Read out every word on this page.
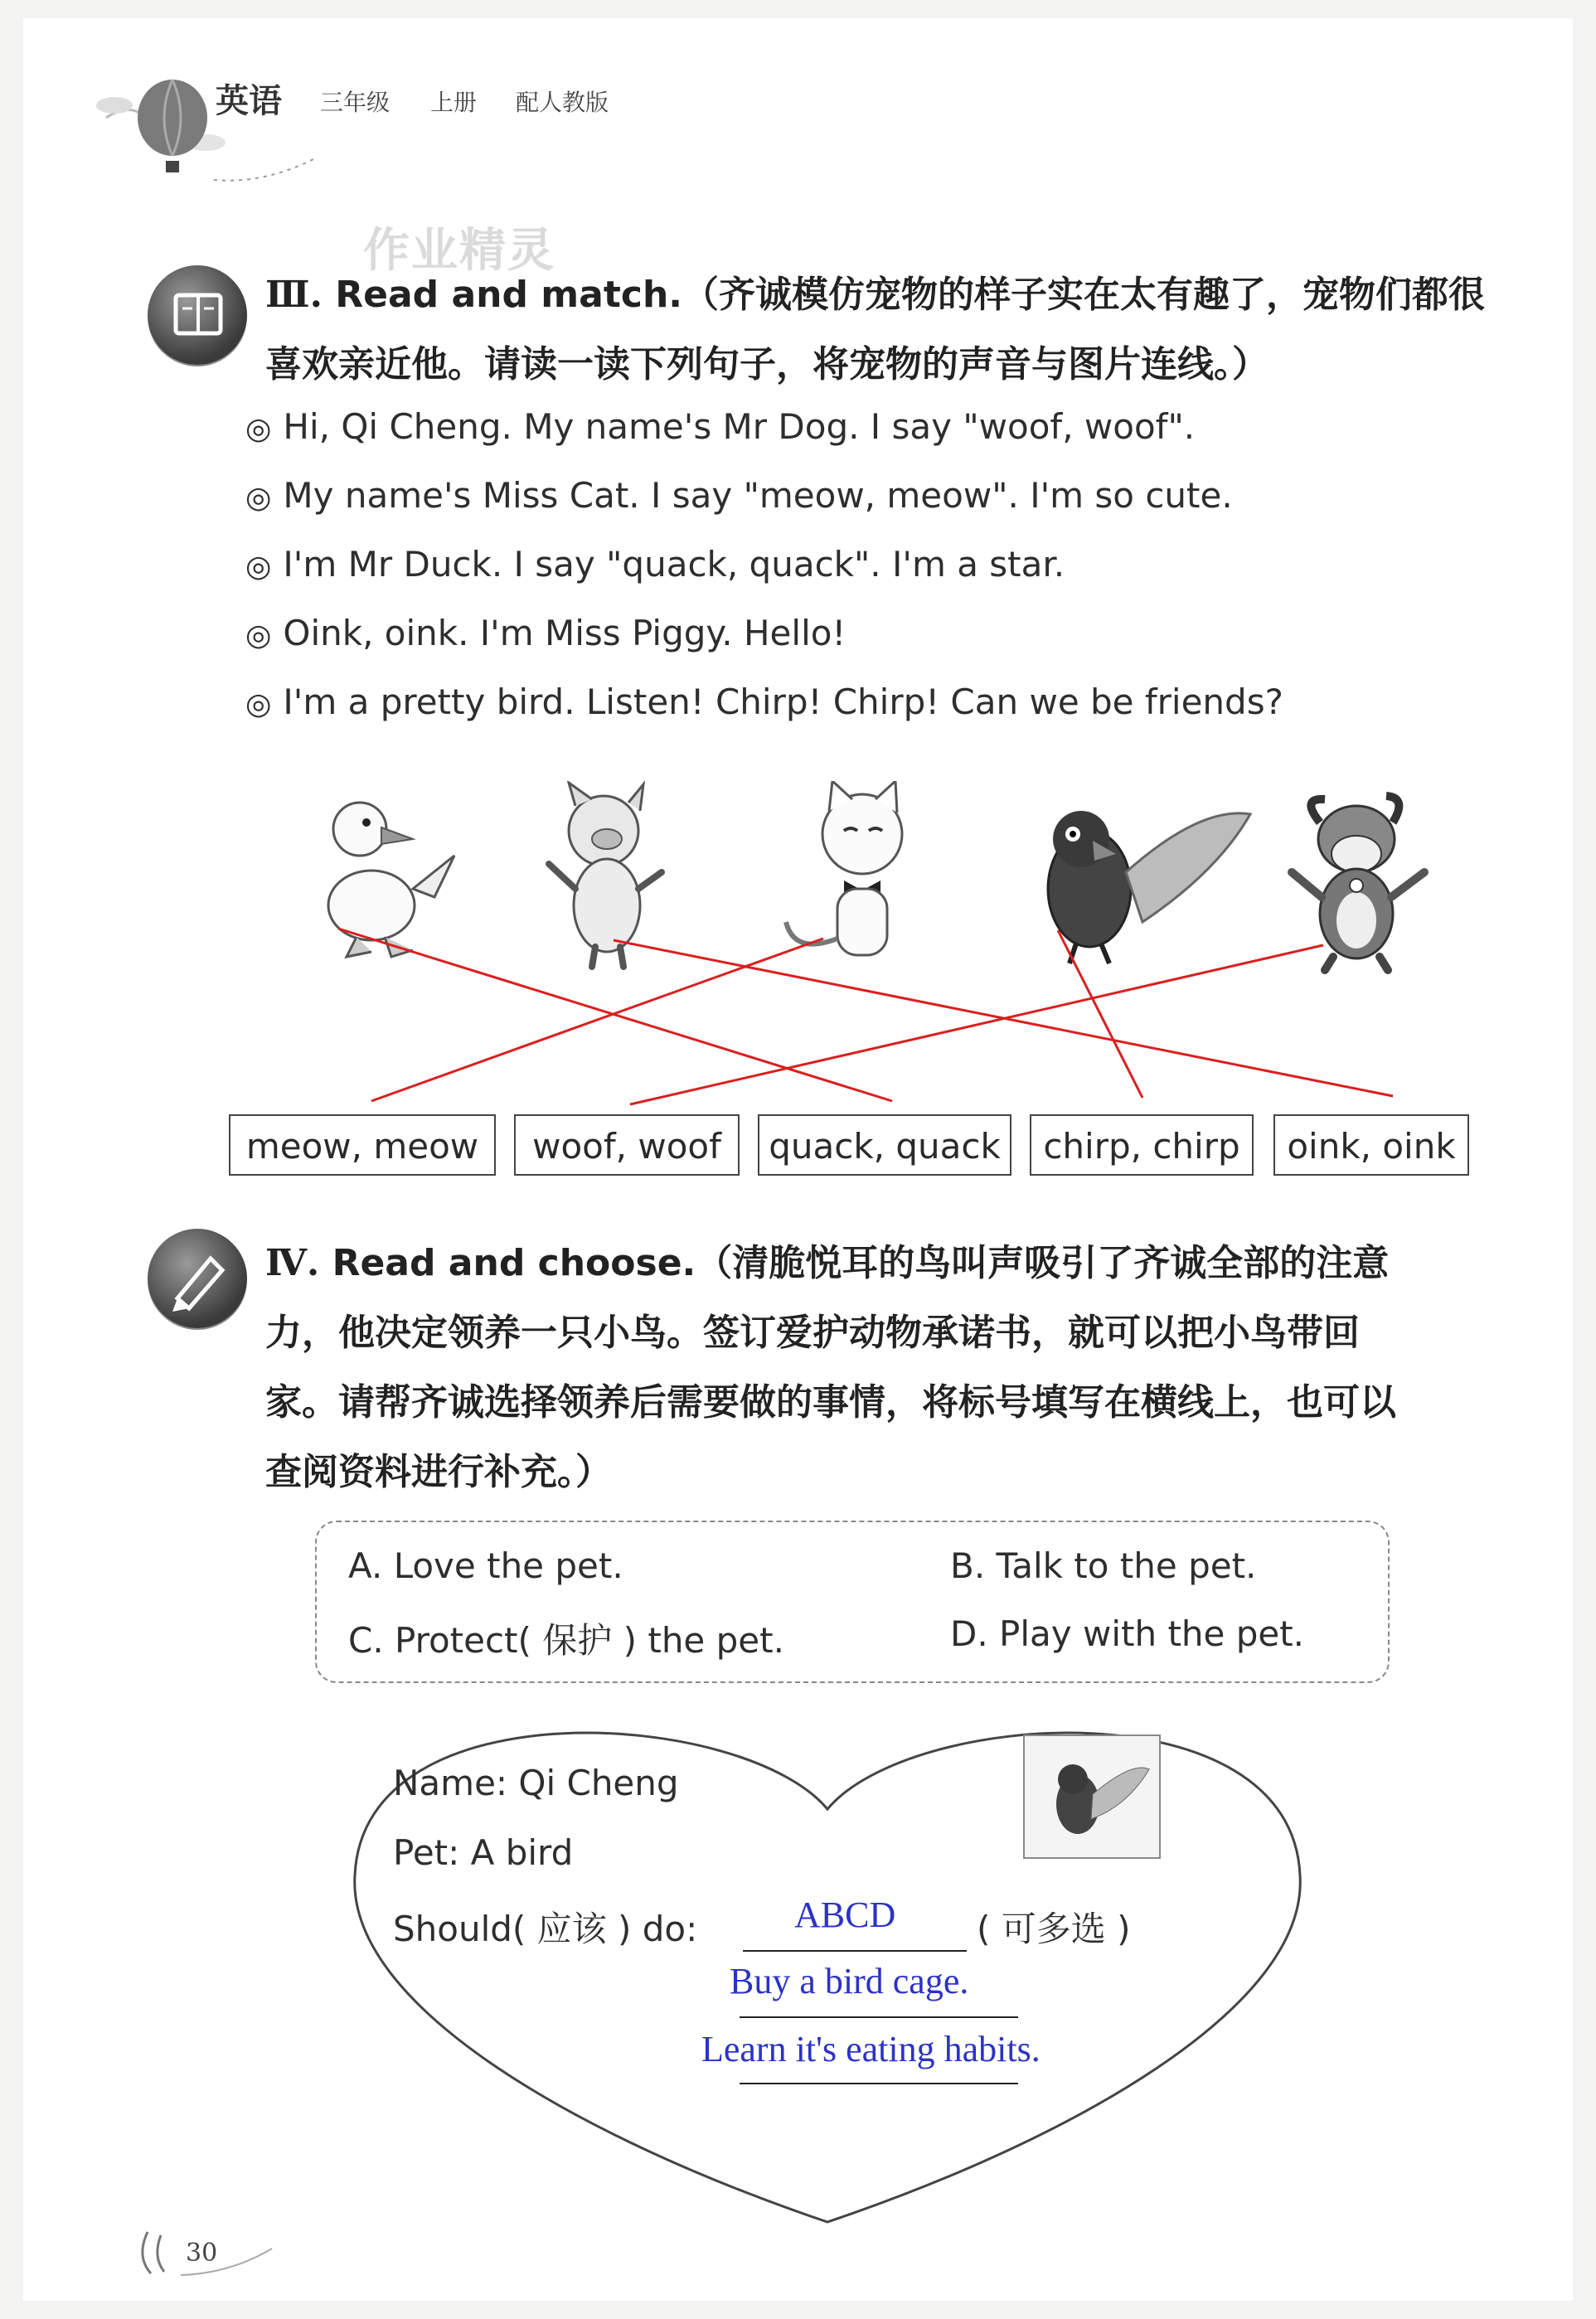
英语 三年级 上册 配人教版
作业精灵
Ⅲ. Read and match.（齐诚模仿宠物的样子实在太有趣了，宠物们都很
喜欢亲近他。请读一读下列句子，将宠物的声音与图片连线。）
◎ Hi, Qi Cheng. My name's Mr Dog. I say "woof, woof".
◎ My name's Miss Cat. I say "meow, meow". I'm so cute.
◎ I'm Mr Duck. I say "quack, quack". I'm a star.
◎ Oink, oink. I'm Miss Piggy. Hello!
◎ I'm a pretty bird. Listen! Chirp! Chirp! Can we be friends?
meow, meow	woof, woof	quack, quack	chirp, chirp	oink, oink
Ⅳ. Read and choose.（清脆悦耳的鸟叫声吸引了齐诚全部的注意
力，他决定领养一只小鸟。签订爱护动物承诺书，就可以把小鸟带回
家。请帮齐诚选择领养后需要做的事情，将标号填写在横线上，也可以
查阅资料进行补充。）
A. Love the pet.	B. Talk to the pet.
C. Protect( 保护 ) the pet.	D. Play with the pet.
Name: Qi Cheng
Pet: A bird
Should( 应该 ) do:	ABCD ( 可多选 )
Buy a bird cage.
Learn it's eating habits.
30
